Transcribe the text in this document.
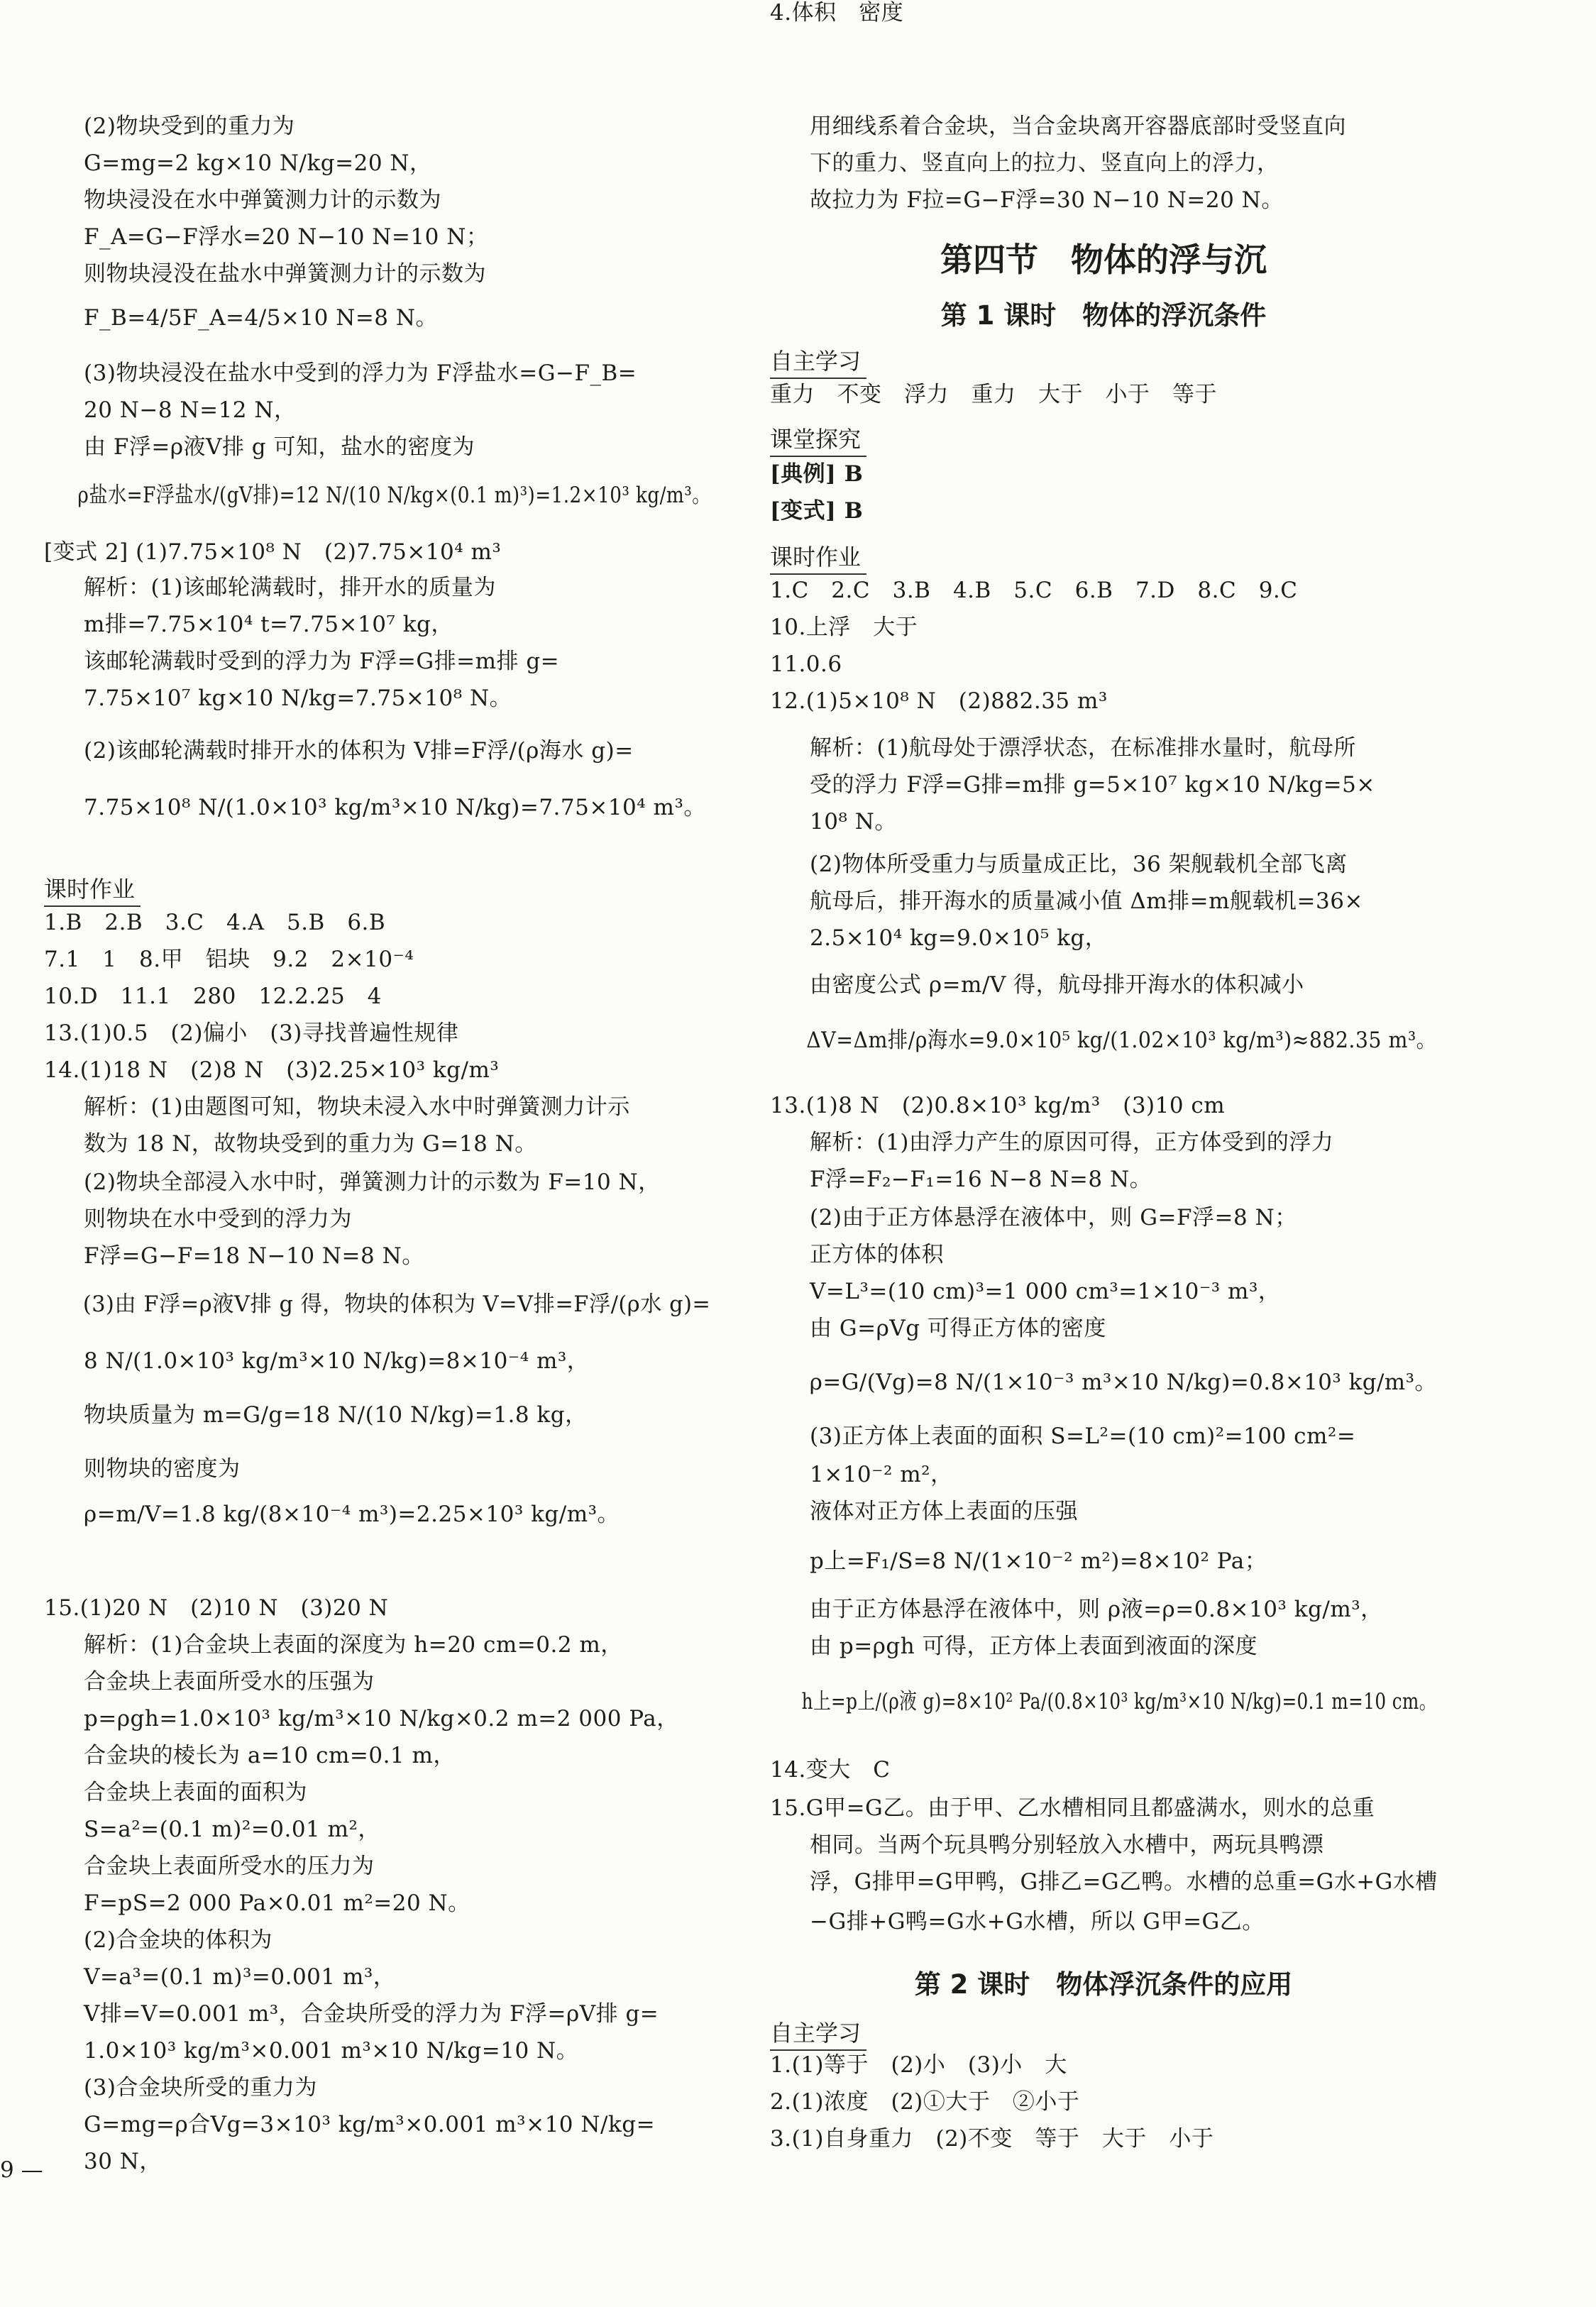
(2)物块受到的重力为
G=mg=2 kg×10 N/kg=20 N，
物块浸没在水中弹簧测力计的示数为
F_A=G−F浮水=20 N−10 N=10 N；
则物块浸没在盐水中弹簧测力计的示数为
F_B=4/5F_A=4/5×10 N=8 N。
(3)物块浸没在盐水中受到的浮力为 F浮盐水=G−F_B=
20 N−8 N=12 N，
由 F浮=ρ液V排 g 可知，盐水的密度为
ρ盐水=F浮盐水/(gV排)=12 N/(10 N/kg×(0.1 m)³)=1.2×10³ kg/m³。
[变式 2] (1)7.75×10⁸ N　(2)7.75×10⁴ m³
解析：(1)该邮轮满载时，排开水的质量为
m排=7.75×10⁴ t=7.75×10⁷ kg，
该邮轮满载时受到的浮力为 F浮=G排=m排 g=
7.75×10⁷ kg×10 N/kg=7.75×10⁸ N。
(2)该邮轮满载时排开水的体积为 V排=F浮/(ρ海水 g)=
7.75×10⁸ N/(1.0×10³ kg/m³×10 N/kg)=7.75×10⁴ m³。
课时作业
1.B　2.B　3.C　4.A　5.B　6.B
7.1　1　8.甲　铝块　9.2　2×10⁻⁴
10.D　11.1　280　12.2.25　4
13.(1)0.5　(2)偏小　(3)寻找普遍性规律
14.(1)18 N　(2)8 N　(3)2.25×10³ kg/m³
解析：(1)由题图可知，物块未浸入水中时弹簧测力计示
数为 18 N，故物块受到的重力为 G=18 N。
(2)物块全部浸入水中时，弹簧测力计的示数为 F=10 N，
则物块在水中受到的浮力为
F浮=G−F=18 N−10 N=8 N。
(3)由 F浮=ρ液V排 g 得，物块的体积为 V=V排=F浮/(ρ水 g)=
8 N/(1.0×10³ kg/m³×10 N/kg)=8×10⁻⁴ m³，
物块质量为 m=G/g=18 N/(10 N/kg)=1.8 kg，
则物块的密度为
ρ=m/V=1.8 kg/(8×10⁻⁴ m³)=2.25×10³ kg/m³。
15.(1)20 N　(2)10 N　(3)20 N
解析：(1)合金块上表面的深度为 h=20 cm=0.2 m，
合金块上表面所受水的压强为
p=ρgh=1.0×10³ kg/m³×10 N/kg×0.2 m=2 000 Pa，
合金块的棱长为 a=10 cm=0.1 m，
合金块上表面的面积为
S=a²=(0.1 m)²=0.01 m²，
合金块上表面所受水的压力为
F=pS=2 000 Pa×0.01 m²=20 N。
(2)合金块的体积为
V=a³=(0.1 m)³=0.001 m³，
V排=V=0.001 m³，合金块所受的浮力为 F浮=ρV排 g=
1.0×10³ kg/m³×0.001 m³×10 N/kg=10 N。
(3)合金块所受的重力为
G=mg=ρ合Vg=3×10³ kg/m³×0.001 m³×10 N/kg=
30 N，
用细线系着合金块，当合金块离开容器底部时受竖直向
下的重力、竖直向上的拉力、竖直向上的浮力，
故拉力为 F拉=G−F浮=30 N−10 N=20 N。
第四节　物体的浮与沉
第 1 课时　物体的浮沉条件
自主学习
重力　不变　浮力　重力　大于　小于　等于
课堂探究
[典例] B
[变式] B
课时作业
1.C　2.C　3.B　4.B　5.C　6.B　7.D　8.C　9.C
10.上浮　大于
11.0.6
12.(1)5×10⁸ N　(2)882.35 m³
解析：(1)航母处于漂浮状态，在标准排水量时，航母所
受的浮力 F浮=G排=m排 g=5×10⁷ kg×10 N/kg=5×
10⁸ N。
(2)物体所受重力与质量成正比，36 架舰载机全部飞离
航母后，排开海水的质量减小值 Δm排=m舰载机=36×
2.5×10⁴ kg=9.0×10⁵ kg，
由密度公式 ρ=m/V 得，航母排开海水的体积减小
ΔV=Δm排/ρ海水=9.0×10⁵ kg/(1.02×10³ kg/m³)≈882.35 m³。
13.(1)8 N　(2)0.8×10³ kg/m³　(3)10 cm
解析：(1)由浮力产生的原因可得，正方体受到的浮力
F浮=F₂−F₁=16 N−8 N=8 N。
(2)由于正方体悬浮在液体中，则 G=F浮=8 N；
正方体的体积
V=L³=(10 cm)³=1 000 cm³=1×10⁻³ m³，
由 G=ρVg 可得正方体的密度
ρ=G/(Vg)=8 N/(1×10⁻³ m³×10 N/kg)=0.8×10³ kg/m³。
(3)正方体上表面的面积 S=L²=(10 cm)²=100 cm²=
1×10⁻² m²，
液体对正方体上表面的压强
p上=F₁/S=8 N/(1×10⁻² m²)=8×10² Pa；
由于正方体悬浮在液体中，则 ρ液=ρ=0.8×10³ kg/m³，
由 p=ρgh 可得，正方体上表面到液面的深度
h上=p上/(ρ液 g)=8×10² Pa/(0.8×10³ kg/m³×10 N/kg)=0.1 m=10 cm。
14.变大　C
15.G甲=G乙。由于甲、乙水槽相同且都盛满水，则水的总重
相同。当两个玩具鸭分别轻放入水槽中，两玩具鸭漂
浮，G排甲=G甲鸭，G排乙=G乙鸭。水槽的总重=G水+G水槽
−G排+G鸭=G水+G水槽，所以 G甲=G乙。
第 2 课时　物体浮沉条件的应用
自主学习
1.(1)等于　(2)小　(3)小　大
2.(1)浓度　(2)①大于　②小于
3.(1)自身重力　(2)不变　等于　大于　小于
4.体积　密度
9 —
